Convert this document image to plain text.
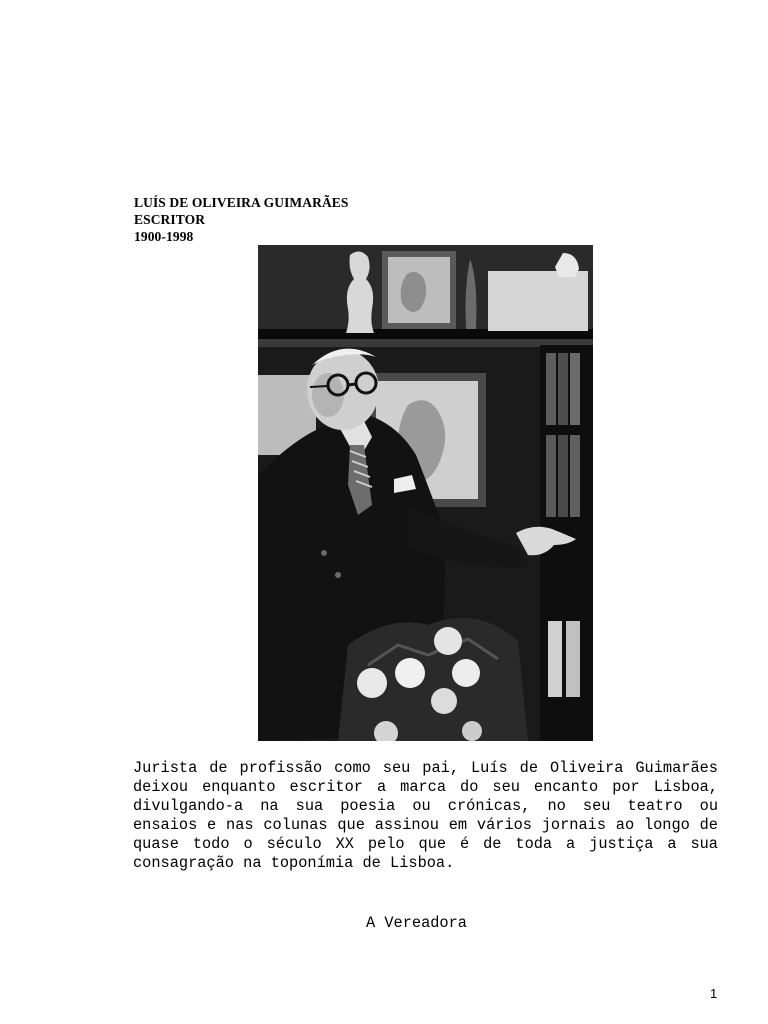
LUÍS DE OLIVEIRA GUIMARÃES
ESCRITOR
1900-1998

Jurista de profissão como seu pai, Luís de Oliveira Guimarães deixou enquanto escritor a marca do seu encanto por Lisboa, divulgando-a na sua poesia ou crónicas, no seu teatro ou ensaios e nas colunas que assinou em vários jornais ao longo de quase todo o século XX pelo que é de toda a justiça a sua consagração na toponímia de Lisboa.

A Vereadora
1
